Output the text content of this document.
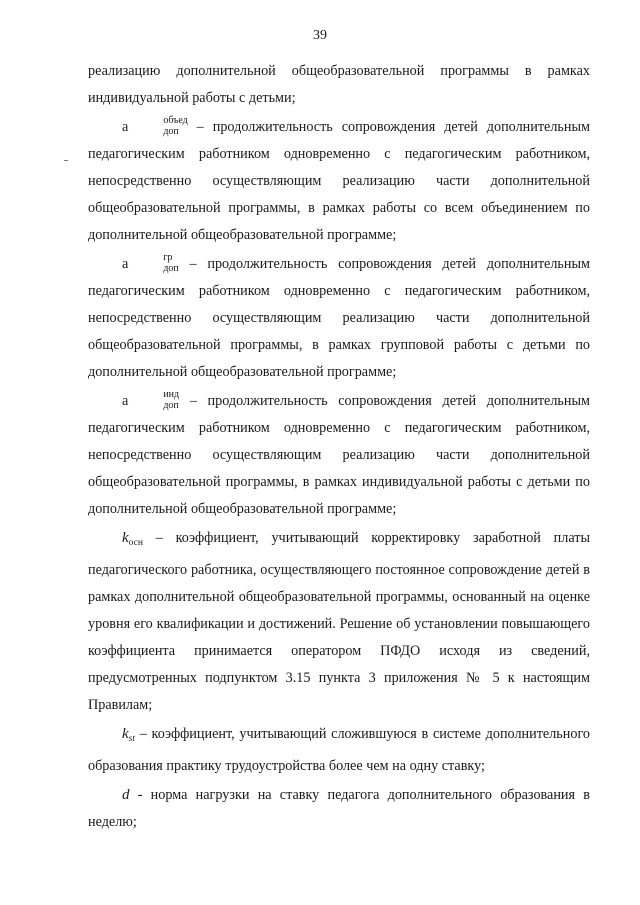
39

реализацию дополнительной общеобразовательной программы в рамках индивидуальной работы с детьми;

а	объед
доп – продолжительность сопровождения детей дополнительным педагогическим работником одновременно с педагогическим работником, непосредственно осуществляющим реализацию части дополнительной общеобразовательной программы, в рамках работы со всем объединением по дополнительной общеобразовательной программе;

а	гр
доп – продолжительность сопровождения детей дополнительным педагогическим работником одновременно с педагогическим работником, непосредственно осуществляющим реализацию части дополнительной общеобразовательной программы, в рамках групповой работы с детьми по дополнительной общеобразовательной программе;

а	инд
доп – продолжительность сопровождения детей дополнительным педагогическим работником одновременно с педагогическим работником, непосредственно осуществляющим реализацию части дополнительной общеобразовательной программы, в рамках индивидуальной работы с детьми по дополнительной общеобразовательной программе;

$k_{осн}$ – коэффициент, учитывающий корректировку заработной платы педагогического работника, осуществляющего постоянное сопровождение детей в рамках дополнительной общеобразовательной программы, основанный на оценке уровня его квалификации и достижений. Решение об установлении повышающего коэффициента принимается оператором ПФДО исходя из сведений, предусмотренных подпунктом 3.15 пункта 3 приложения № 5 к настоящим Правилам;

$k_{st}$ – коэффициент, учитывающий сложившуюся в системе дополнительного образования практику трудоустройства более чем на одну ставку;

d - норма нагрузки на ставку педагога дополнительного образования в неделю;
